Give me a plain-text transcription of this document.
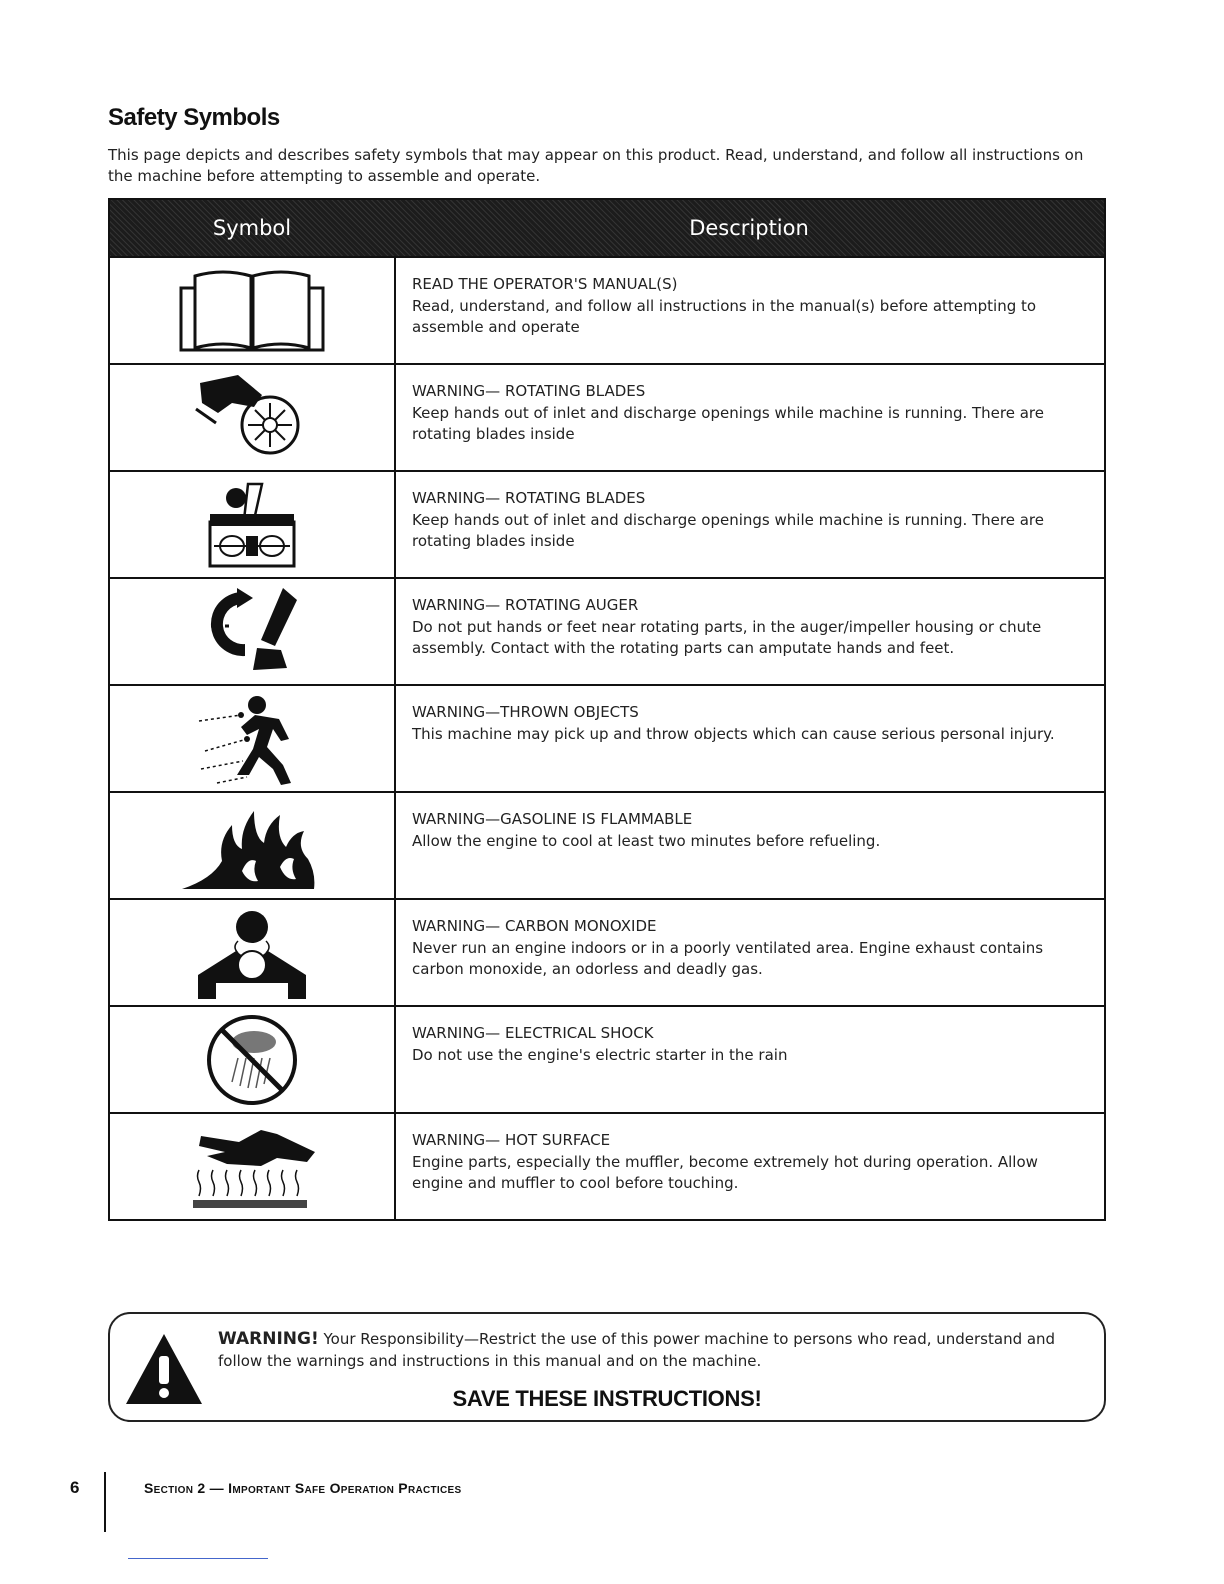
Safety Symbols
This page depicts and describes safety symbols that may appear on this product. Read, understand, and follow all instructions on the machine before attempting to assemble and operate.
Symbol	Description
READ THE OPERATOR'S MANUAL(S)
Read, understand, and follow all instructions in the manual(s) before attempting to assemble and operate
WARNING— ROTATING BLADES
Keep hands out of inlet and discharge openings while machine is running. There are rotating blades inside
WARNING— ROTATING BLADES
Keep hands out of inlet and discharge openings while machine is running. There are rotating blades inside
WARNING— ROTATING AUGER
Do not put hands or feet near rotating parts, in the auger/impeller housing or chute assembly. Contact with the rotating parts can amputate hands and feet.
WARNING—THROWN OBJECTS
This machine may pick up and throw objects which can cause serious personal injury.
WARNING—GASOLINE IS FLAMMABLE
Allow the engine to cool at least two minutes before refueling.
WARNING— CARBON MONOXIDE
Never run an engine indoors or in a poorly ventilated area. Engine exhaust contains carbon monoxide, an odorless and deadly gas.
WARNING— ELECTRICAL SHOCK
Do not use the engine's electric starter in the rain
WARNING— HOT SURFACE
Engine parts, especially the muffler, become extremely hot during operation. Allow engine and muffler to cool before touching.
WARNING! Your Responsibility—Restrict the use of this power machine to persons who read, understand and follow the warnings and instructions in this manual and on the machine.
SAVE THESE INSTRUCTIONS!
6	Section 2 — Important Safe Operation Practices
